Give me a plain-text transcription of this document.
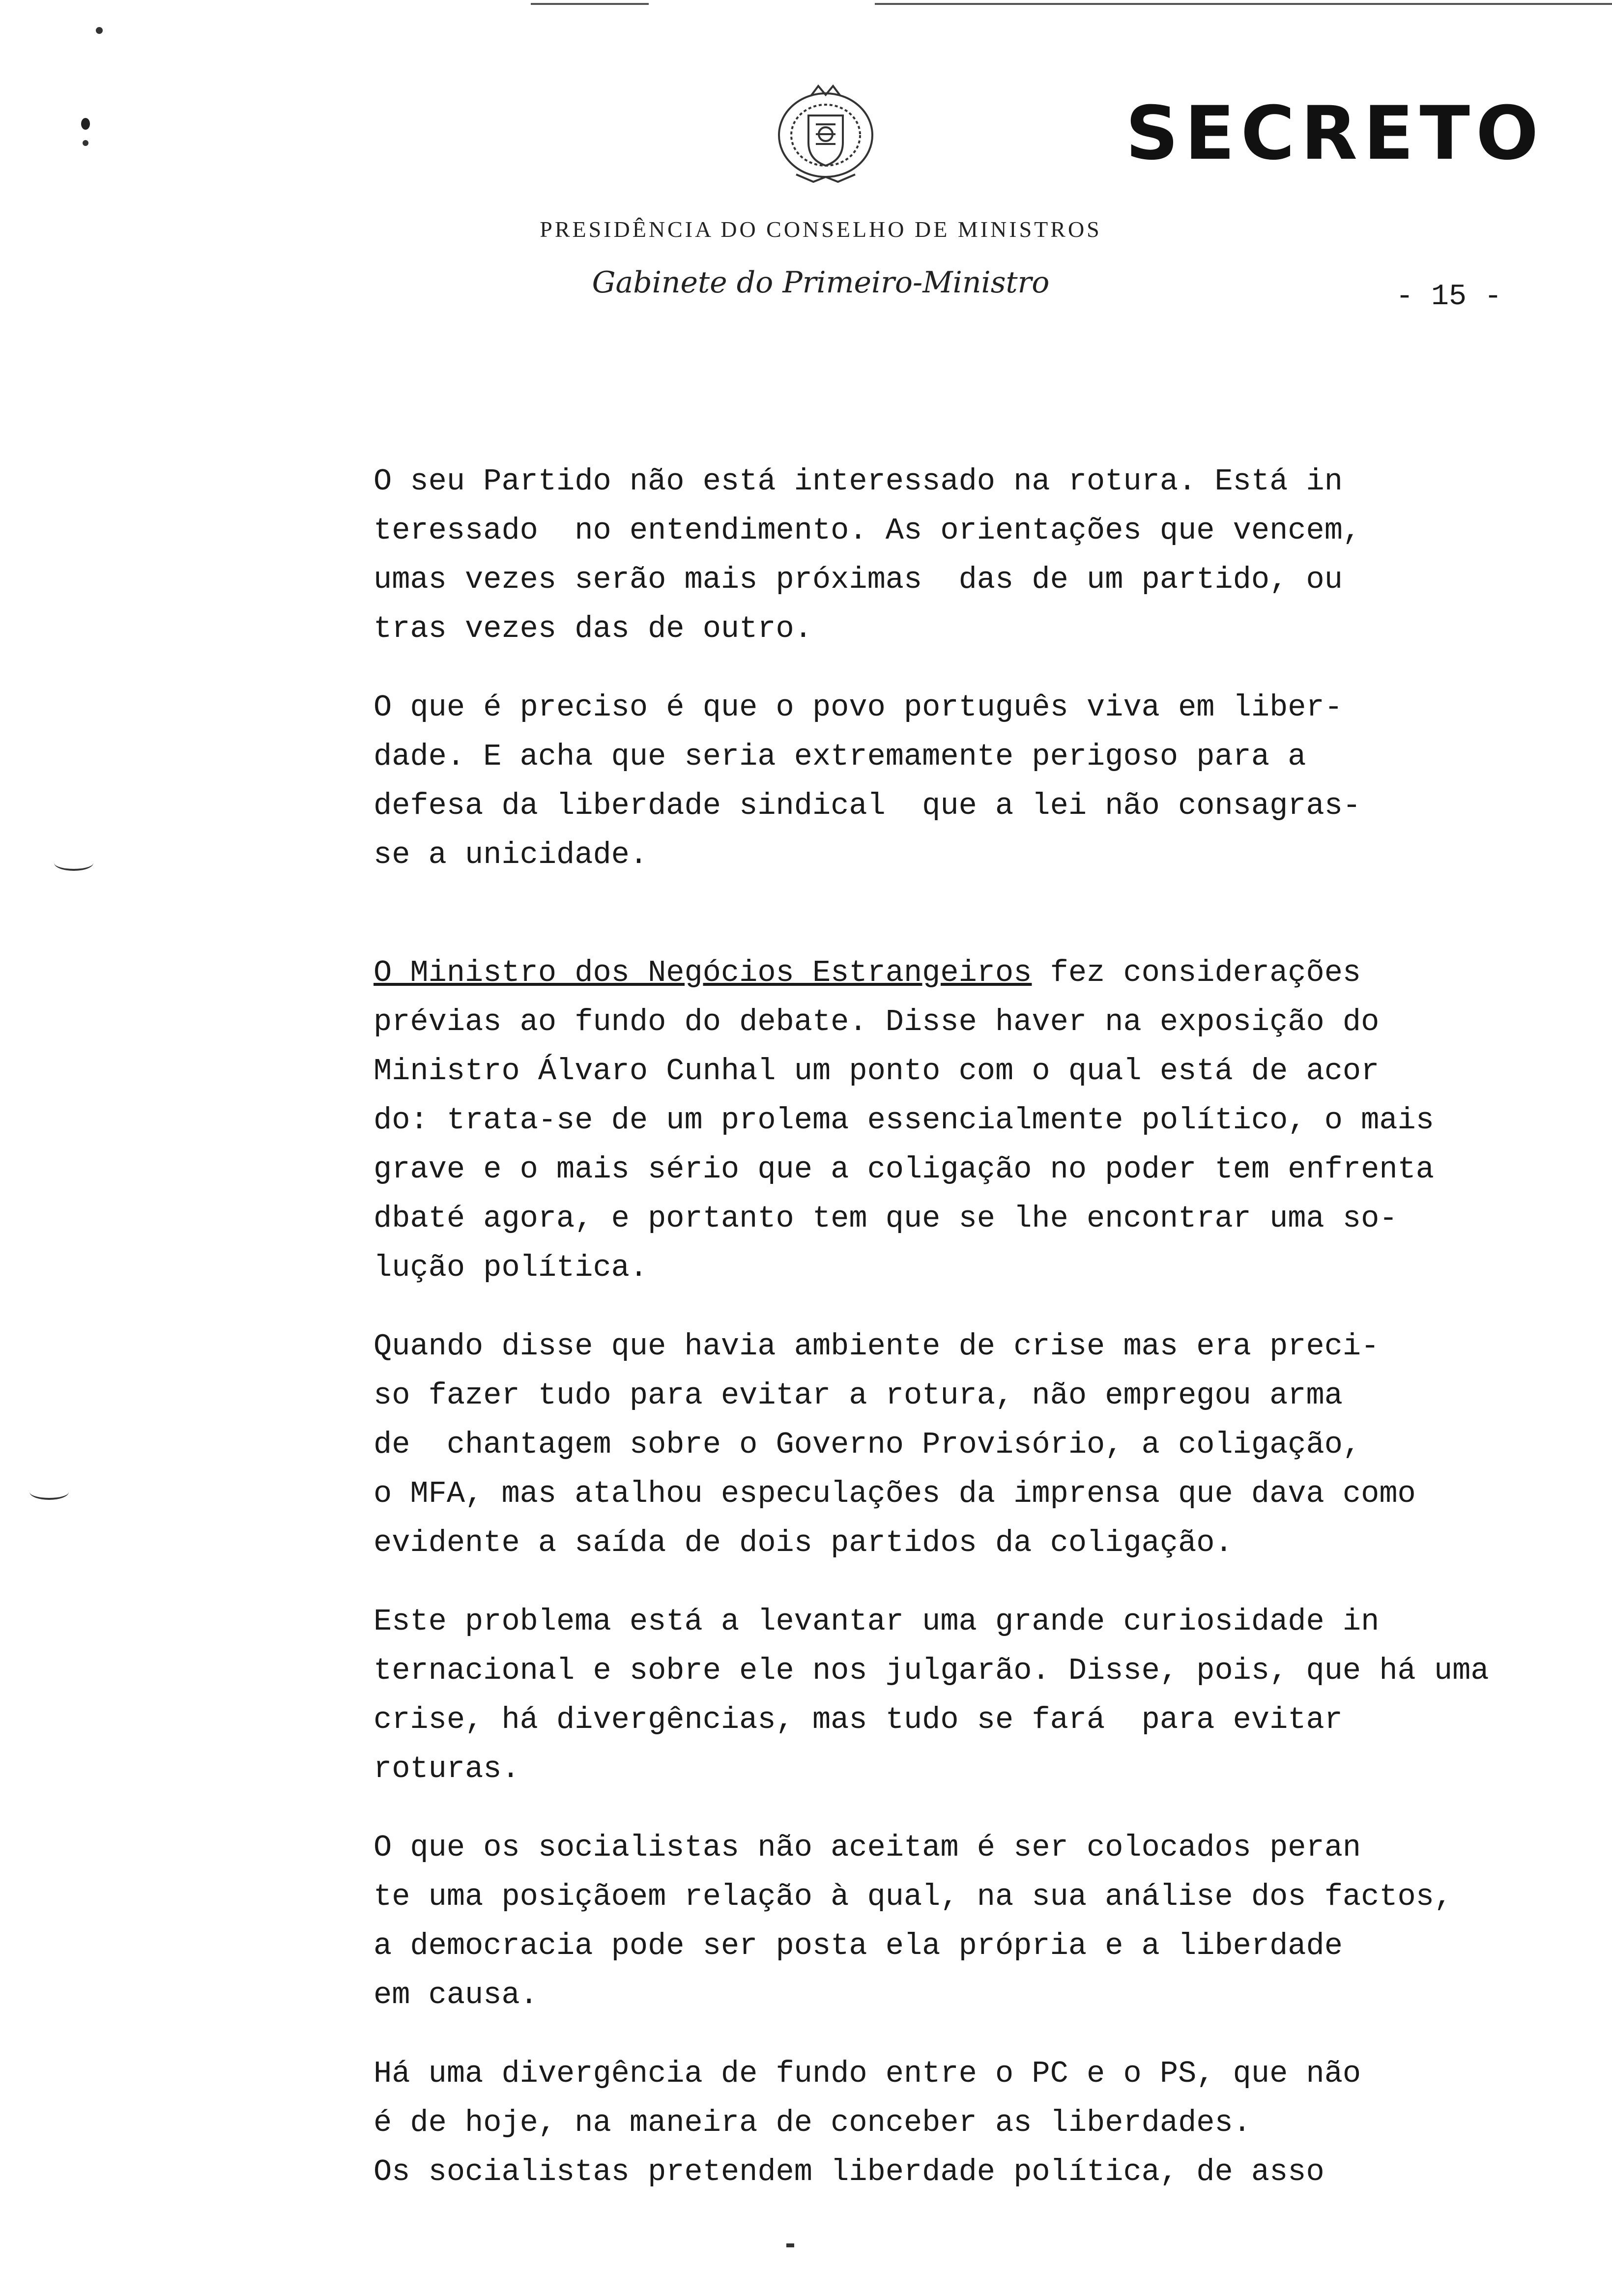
SECRETO
PRESIDÊNCIA DO CONSELHO DE MINISTROS
Gabinete do Primeiro-Ministro	- 15 -
O seu Partido não está interessado na rotura. Está in
teressado  no entendimento. As orientações que vencem,
umas vezes serão mais próximas  das de um partido, ou
tras vezes das de outro.
O que é preciso é que o povo português viva em liber-
dade. E acha que seria extremamente perigoso para a
defesa da liberdade sindical  que a lei não consagras-
se a unicidade.
O Ministro dos Negócios Estrangeiros fez considerações
prévias ao fundo do debate. Disse haver na exposição do
Ministro Álvaro Cunhal um ponto com o qual está de acor
do: trata-se de um prolema essencialmente político, o mais
grave e o mais sério que a coligação no poder tem enfrenta
dbaté agora, e portanto tem que se lhe encontrar uma so-
lução política.
Quando disse que havia ambiente de crise mas era preci-
so fazer tudo para evitar a rotura, não empregou arma
de  chantagem sobre o Governo Provisório, a coligação,
o MFA, mas atalhou especulações da imprensa que dava como
evidente a saída de dois partidos da coligação.
Este problema está a levantar uma grande curiosidade in
ternacional e sobre ele nos julgarão. Disse, pois, que há uma
crise, há divergências, mas tudo se fará  para evitar
roturas.
O que os socialistas não aceitam é ser colocados peran
te uma posiçãoem relação à qual, na sua análise dos factos,
a democracia pode ser posta ela própria e a liberdade
em causa.
Há uma divergência de fundo entre o PC e o PS, que não
é de hoje, na maneira de conceber as liberdades.
Os socialistas pretendem liberdade política, de asso
